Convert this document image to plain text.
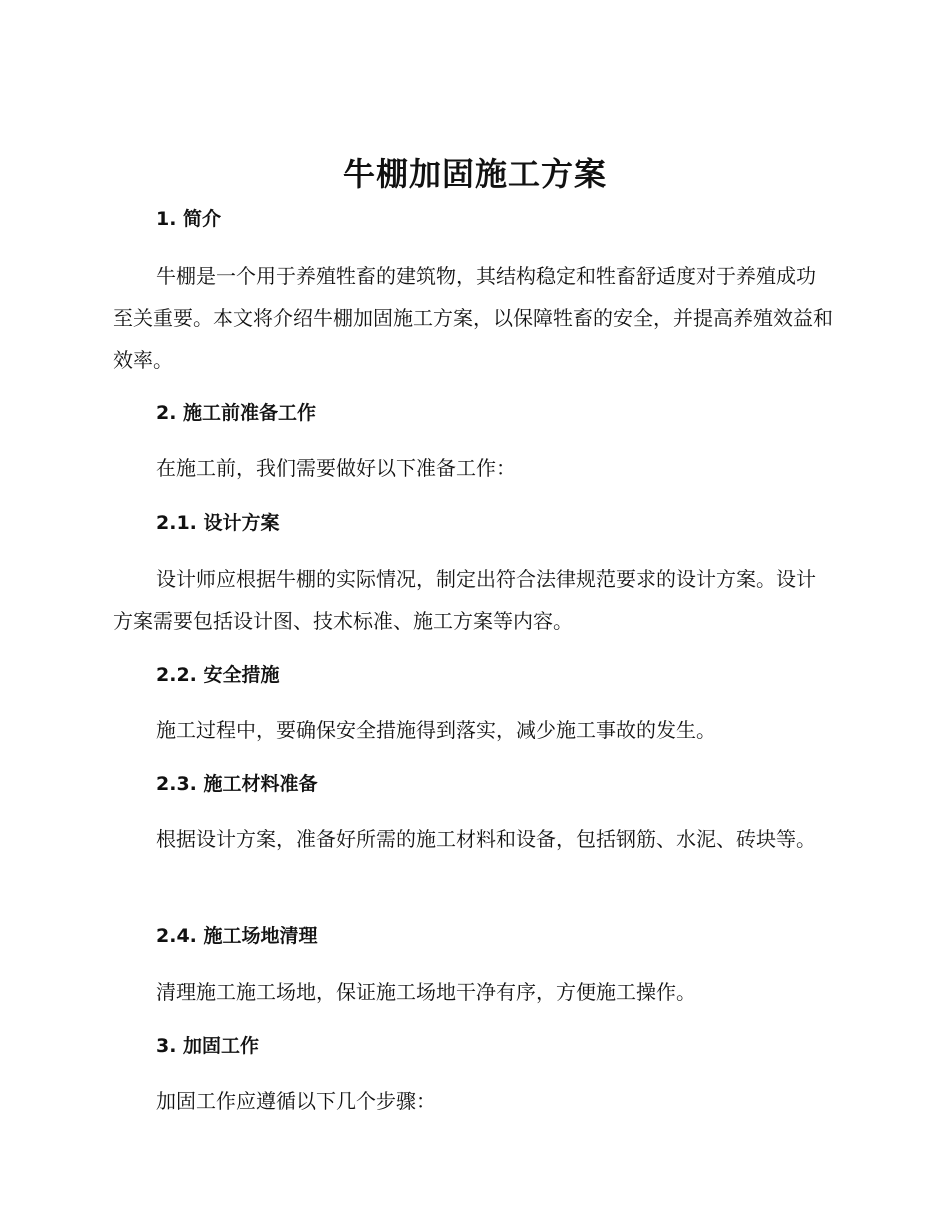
牛棚加固施工方案
1. 简介

牛棚是一个用于养殖牲畜的建筑物，其结构稳定和牲畜舒适度对于养殖成功至关重要。本文将介绍牛棚加固施工方案，以保障牲畜的安全，并提高养殖效益和效率。

2. 施工前准备工作

在施工前，我们需要做好以下准备工作：

2.1. 设计方案

设计师应根据牛棚的实际情况，制定出符合法律规范要求的设计方案。设计方案需要包括设计图、技术标准、施工方案等内容。

2.2. 安全措施

施工过程中，要确保安全措施得到落实，减少施工事故的发生。

2.3. 施工材料准备

根据设计方案，准备好所需的施工材料和设备，包括钢筋、水泥、砖块等。

2.4. 施工场地清理

清理施工施工场地，保证施工场地干净有序，方便施工操作。

3. 加固工作

加固工作应遵循以下几个步骤：
